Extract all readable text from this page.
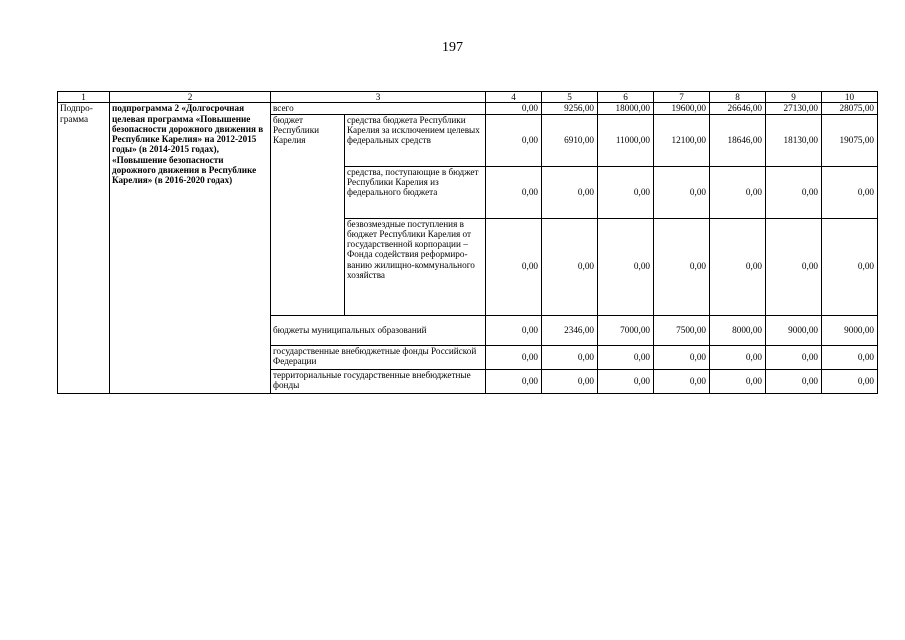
197
1	2	3		4	5	6	7	8	9	10
Подпро-грамма	подпрограмма 2 «Долгосрочная целевая программа «Повышение безопасности дорожного движения в Республике Карелия» на 2012-2015 годы» (в 2014-2015 годах), «Повышение безопасности дорожного движения в Республике Карелия» (в 2016-2020 годах)	всего		0,00	9256,00	18000,00	19600,00	26646,00	27130,00	28075,00
		бюджет Республики Карелия	средства бюджета Республики Карелия за исключением целевых федеральных средств	0,00	6910,00	11000,00	12100,00	18646,00	18130,00	19075,00
			средства, поступающие в бюджет Республики Карелия из федерального бюджета	0,00	0,00	0,00	0,00	0,00	0,00	0,00
			безвозмездные поступления в бюджет Республики Карелия от государственной корпорации – Фонда содействия реформиро-ванию жилищно-коммунального хозяйства	0,00	0,00	0,00	0,00	0,00	0,00	0,00
		бюджеты муниципальных образований		0,00	2346,00	7000,00	7500,00	8000,00	9000,00	9000,00
		государственные внебюджетные фонды Российской Федерации		0,00	0,00	0,00	0,00	0,00	0,00	0,00
		территориальные государственные внебюджетные фонды		0,00	0,00	0,00	0,00	0,00	0,00	0,00
